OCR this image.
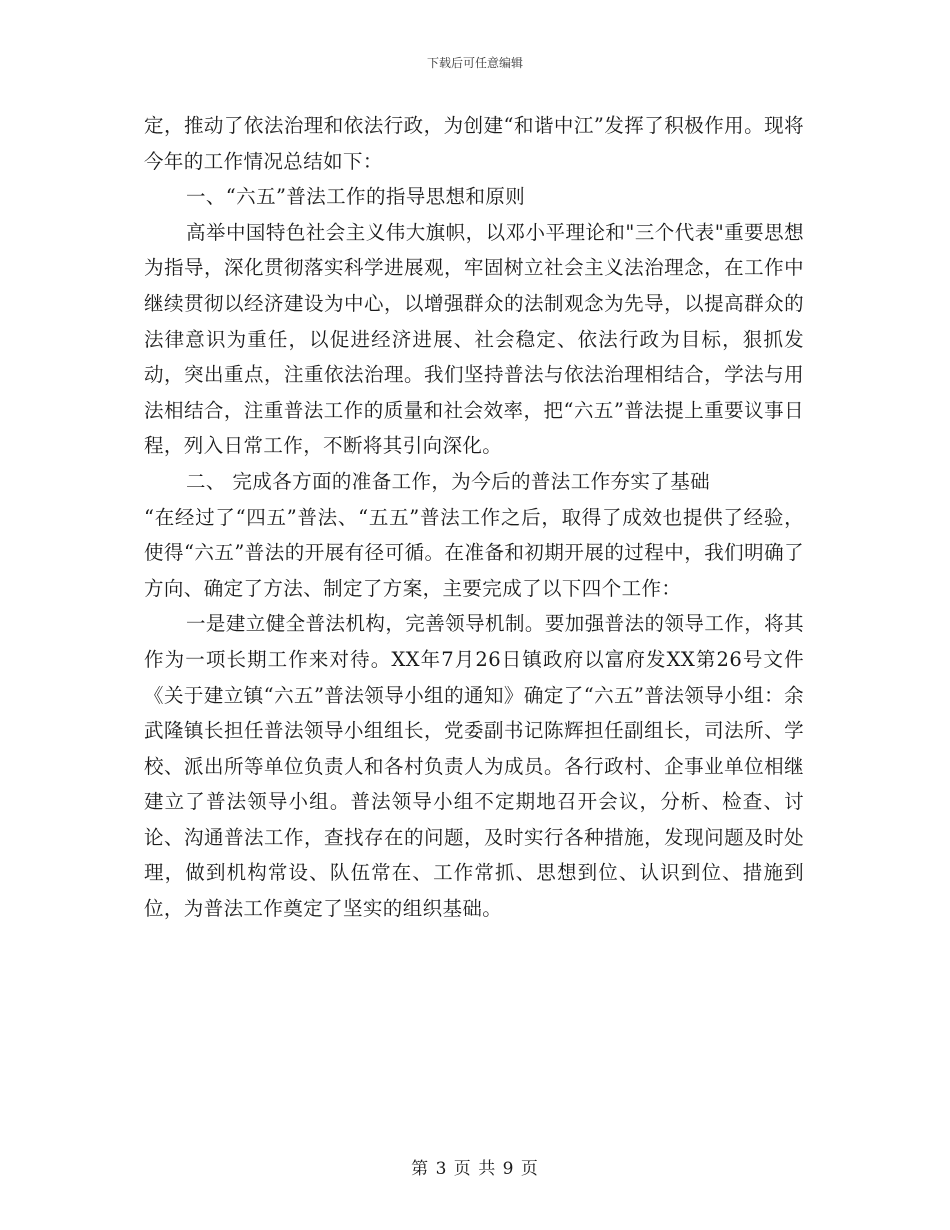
下载后可任意编辑

定，推动了依法治理和依法行政，为创建“和谐中江”发挥了积极作用。现将今年的工作情况总结如下：

一、“六五”普法工作的指导思想和原则

高举中国特色社会主义伟大旗帜，以邓小平理论和"三个代表"重要思想为指导，深化贯彻落实科学进展观，牢固树立社会主义法治理念，在工作中继续贯彻以经济建设为中心，以增强群众的法制观念为先导，以提高群众的法律意识为重任，以促进经济进展、社会稳定、依法行政为目标，狠抓发动，突出重点，注重依法治理。我们坚持普法与依法治理相结合，学法与用法相结合，注重普法工作的质量和社会效率，把“六五”普法提上重要议事日程，列入日常工作，不断将其引向深化。

二、 完成各方面的准备工作，为今后的普法工作夯实了基础

“在经过了“四五”普法、“五五”普法工作之后，取得了成效也提供了经验，使得“六五”普法的开展有径可循。在准备和初期开展的过程中，我们明确了方向、确定了方法、制定了方案，主要完成了以下四个工作：

一是建立健全普法机构，完善领导机制。要加强普法的领导工作，将其作为一项长期工作来对待。XX年7月26日镇政府以富府发XX第26号文件《关于建立镇“六五”普法领导小组的通知》确定了“六五”普法领导小组：余武隆镇长担任普法领导小组组长，党委副书记陈辉担任副组长，司法所、学校、派出所等单位负责人和各村负责人为成员。各行政村、企事业单位相继建立了普法领导小组。普法领导小组不定期地召开会议，分析、检查、讨论、沟通普法工作，查找存在的问题，及时实行各种措施，发现问题及时处理，做到机构常设、队伍常在、工作常抓、思想到位、认识到位、措施到位，为普法工作奠定了坚实的组织基础。

第 3 页 共 9 页
